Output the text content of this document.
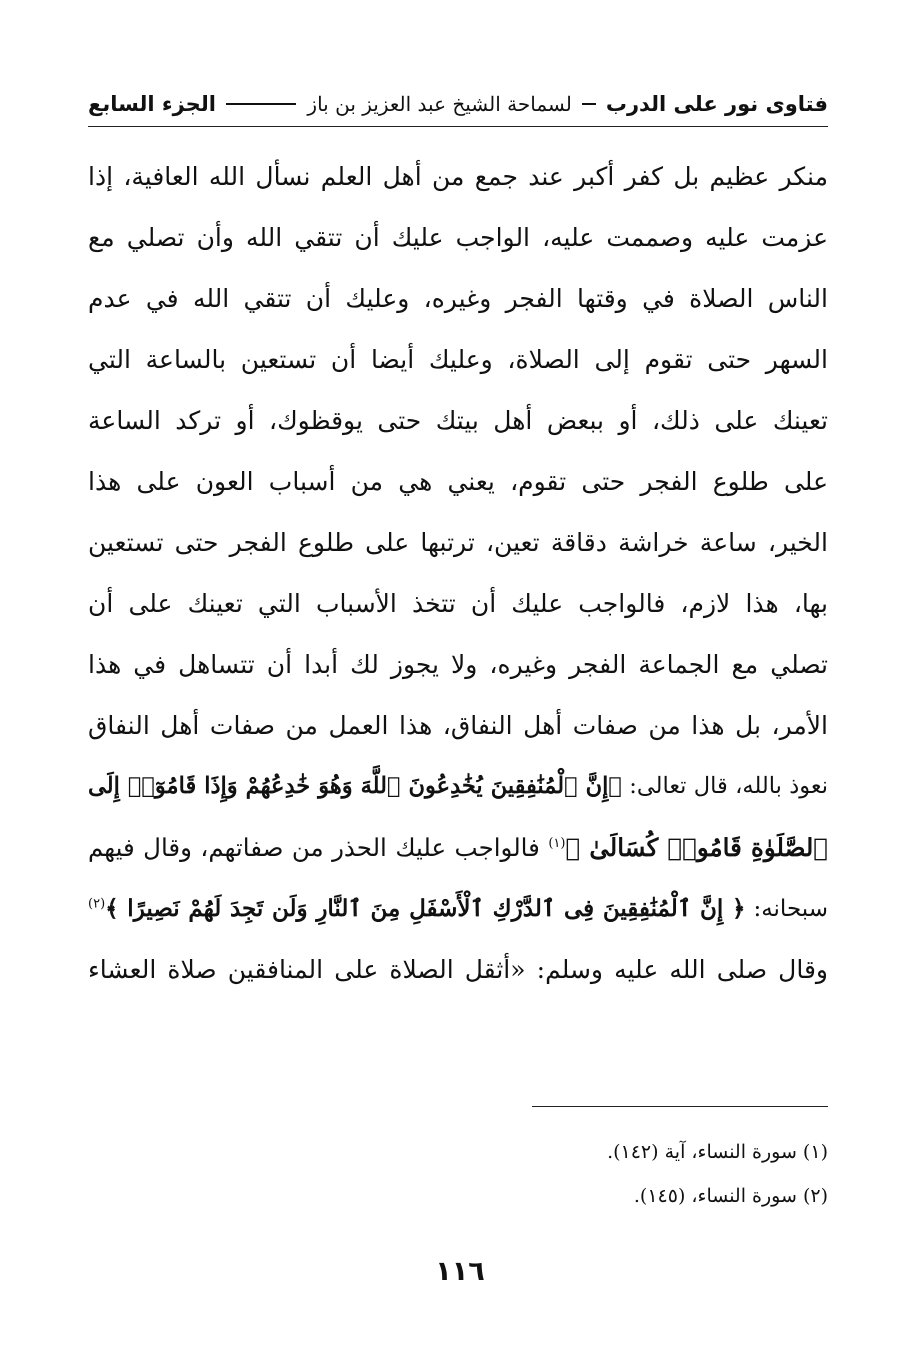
فتاوى نور على الدرب
لسماحة الشيخ عبد العزيز بن باز
الجزء السابع
منكر عظيم بل كفر أكبر عند جمع من أهل العلم نسأل الله العافية، إذا
عزمت عليه وصممت عليه، الواجب عليك أن تتقي الله وأن تصلي مع
الناس الصلاة في وقتها الفجر وغيره، وعليك أن تتقي الله في عدم
السهر حتى تقوم إلى الصلاة، وعليك أيضا أن تستعين بالساعة التي
تعينك على ذلك، أو ببعض أهل بيتك حتى يوقظوك، أو تركد الساعة
على طلوع الفجر حتى تقوم، يعني هي من أسباب العون على هذا
الخير، ساعة خراشة دقاقة تعين، ترتبها على طلوع الفجر حتى تستعين
بها، هذا لازم، فالواجب عليك أن تتخذ الأسباب التي تعينك على أن
تصلي مع الجماعة الفجر وغيره، ولا يجوز لك أبدا أن تتساهل في هذا
الأمر، بل هذا من صفات أهل النفاق، هذا العمل من صفات أهل النفاق
نعوذ بالله، قال تعالى: ﴿إِنَّ ٱلْمُنَٰفِقِينَ يُخَٰدِعُونَ ٱللَّهَ وَهُوَ خَٰدِعُهُمْ وَإِذَا قَامُوٓا۟ إِلَى
ٱلصَّلَوٰةِ قَامُوا۟ كُسَالَىٰ ﴾$^{(١)}$ فالواجب عليك الحذر من صفاتهم، وقال فيهم
سبحانه: ﴿ إِنَّ ٱلْمُنَٰفِقِينَ فِى ٱلدَّرْكِ ٱلْأَسْفَلِ مِنَ ٱلنَّارِ وَلَن تَجِدَ لَهُمْ نَصِيرًا ﴾$^{(٢)}$
وقال صلى الله عليه وسلم: «أثقل الصلاة على المنافقين صلاة العشاء
(١) سورة النساء، آية (١٤٢).
(٢) سورة النساء، (١٤٥).
١١٦
